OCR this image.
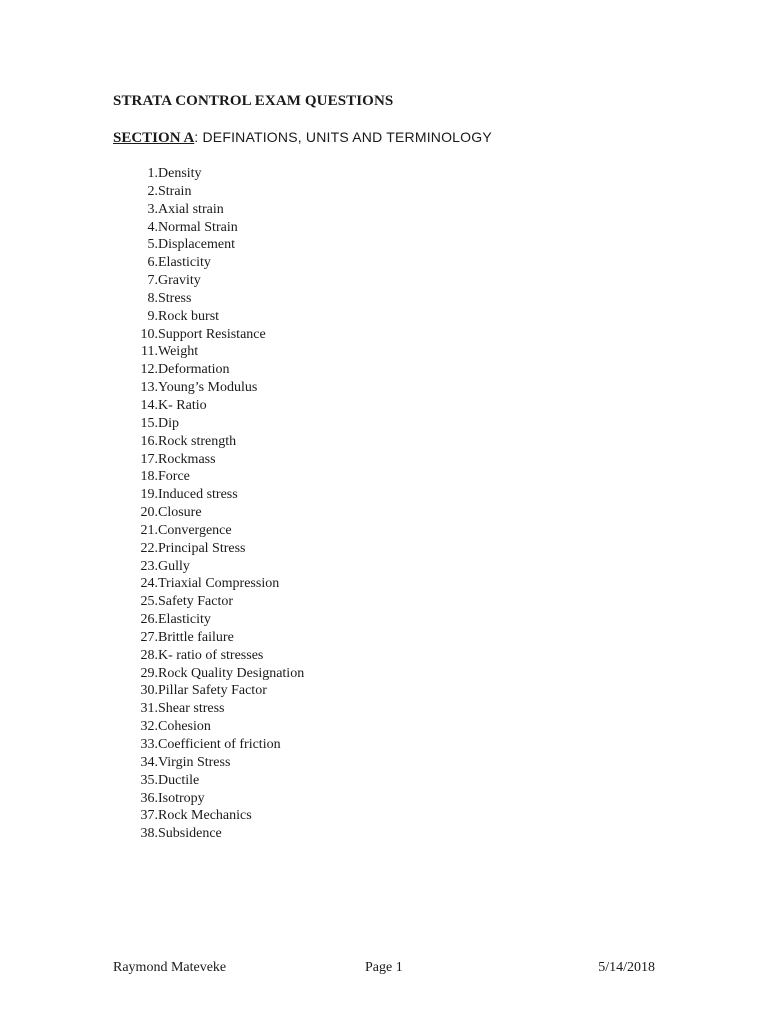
STRATA CONTROL EXAM QUESTIONS

SECTION A: DEFINATIONS, UNITS AND TERMINOLOGY

1. Density
2. Strain
3. Axial strain
4. Normal Strain
5. Displacement
6. Elasticity
7. Gravity
8. Stress
9. Rock burst
10. Support Resistance
11. Weight
12. Deformation
13. Young’s Modulus
14. K- Ratio
15. Dip
16. Rock strength
17. Rockmass
18. Force
19. Induced stress
20. Closure
21. Convergence
22. Principal Stress
23. Gully
24. Triaxial Compression
25. Safety Factor
26. Elasticity
27. Brittle failure
28. K- ratio of stresses
29. Rock Quality Designation
30. Pillar Safety Factor
31. Shear stress
32. Cohesion
33. Coefficient of friction
34. Virgin Stress
35. Ductile
36. Isotropy
37. Rock Mechanics
38. Subsidence
Raymond Mateveke	Page 1	5/14/2018
